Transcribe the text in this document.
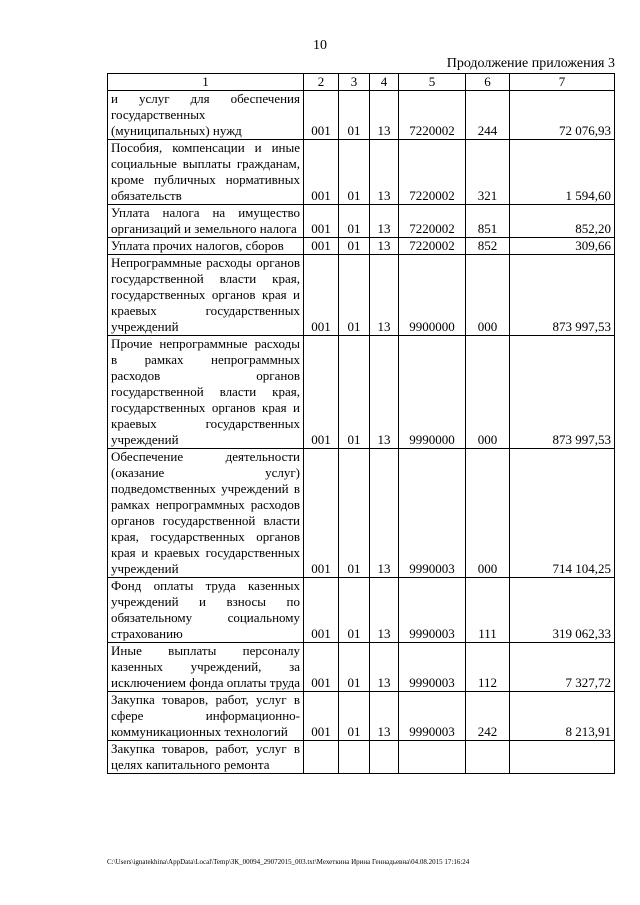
10
Продолжение приложения 3
1	2	3	4	5	6	7
и услуг для обеспечения государственных (муниципальных) нужд	001	01	13	7220002	244	72 076,93
Пособия, компенсации и иные социальные выплаты гражданам, кроме публичных нормативных обязательств	001	01	13	7220002	321	1 594,60
Уплата налога на имущество организаций и земельного налога	001	01	13	7220002	851	852,20
Уплата прочих налогов, сборов	001	01	13	7220002	852	309,66
Непрограммные расходы органов государственной власти края, государственных органов края и краевых государственных учреждений	001	01	13	9900000	000	873 997,53
Прочие непрограммные расходы в рамках непрограммных расходов органов государственной власти края, государственных органов края и краевых государственных учреждений	001	01	13	9990000	000	873 997,53
Обеспечение деятельности (оказание услуг) подведомственных учреждений в рамках непрограммных расходов органов государственной власти края, государственных органов края и краевых государственных учреждений	001	01	13	9990003	000	714 104,25
Фонд оплаты труда казенных учреждений и взносы по обязательному социальному страхованию	001	01	13	9990003	111	319 062,33
Иные выплаты персоналу казенных учреждений, за исключением фонда оплаты труда	001	01	13	9990003	112	7 327,72
Закупка товаров, работ, услуг в сфере информационно-коммуникационных технологий	001	01	13	9990003	242	8 213,91
Закупка товаров, работ, услуг в целях капитального ремонта						
C:\Users\ignatekhina\AppData\Local\Temp\ЗК_00094_29072015_003.txt\Мехеткина Ирина Геннадьевна\04.08.2015 17:16:24
